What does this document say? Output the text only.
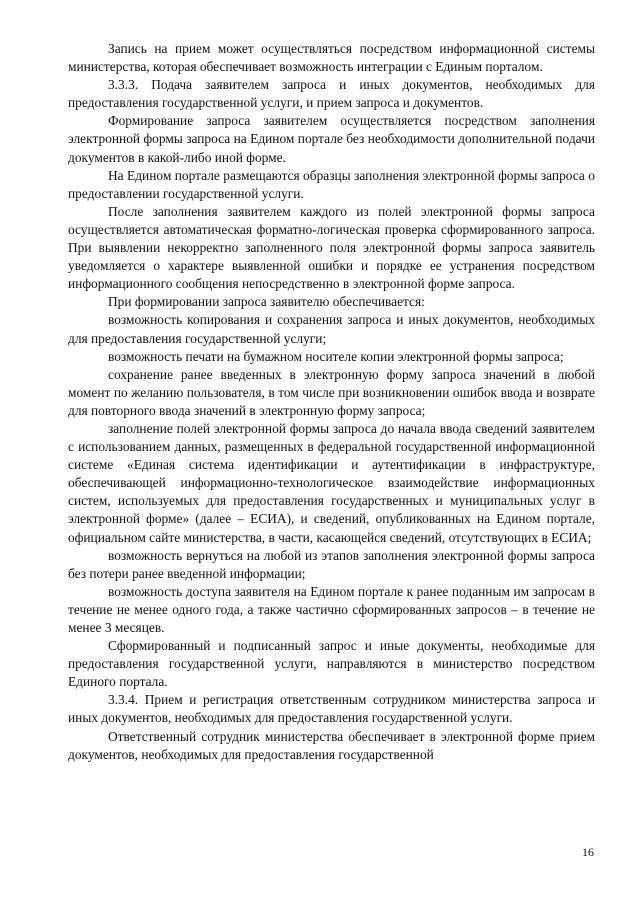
Запись на прием может осуществляться посредством информационной системы министерства, которая обеспечивает возможность интеграции с Единым порталом.

3.3.3. Подача заявителем запроса и иных документов, необходимых для предоставления государственной услуги, и прием запроса и документов.

Формирование запроса заявителем осуществляется посредством заполнения электронной формы запроса на Едином портале без необходимости дополнительной подачи документов в какой-либо иной форме.

На Едином портале размещаются образцы заполнения электронной формы запроса о предоставлении государственной услуги.

После заполнения заявителем каждого из полей электронной формы запроса осуществляется автоматическая форматно-логическая проверка сформированного запроса. При выявлении некорректно заполненного поля электронной формы запроса заявитель уведомляется о характере выявленной ошибки и порядке ее устранения посредством информационного сообщения непосредственно в электронной форме запроса.

При формировании запроса заявителю обеспечивается:

возможность копирования и сохранения запроса и иных документов, необходимых для предоставления государственной услуги;

возможность печати на бумажном носителе копии электронной формы запроса;

сохранение ранее введенных в электронную форму запроса значений в любой момент по желанию пользователя, в том числе при возникновении ошибок ввода и возврате для повторного ввода значений в электронную форму запроса;

заполнение полей электронной формы запроса до начала ввода сведений заявителем с использованием данных, размещенных в федеральной государственной информационной системе «Единая система идентификации и аутентификации в инфраструктуре, обеспечивающей информационно-технологическое взаимодействие информационных систем, используемых для предоставления государственных и муниципальных услуг в электронной форме» (далее – ЕСИА), и сведений, опубликованных на Едином портале, официальном сайте министерства, в части, касающейся сведений, отсутствующих в ЕСИА;

возможность вернуться на любой из этапов заполнения электронной формы запроса без потери ранее введенной информации;

возможность доступа заявителя на Едином портале к ранее поданным им запросам в течение не менее одного года, а также частично сформированных запросов – в течение не менее 3 месяцев.

Сформированный и подписанный запрос и иные документы, необходимые для предоставления государственной услуги, направляются в министерство посредством Единого портала.

3.3.4. Прием и регистрация ответственным сотрудником министерства запроса и иных документов, необходимых для предоставления государственной услуги.

Ответственный сотрудник министерства обеспечивает в электронной форме прием документов, необходимых для предоставления государственной

16
